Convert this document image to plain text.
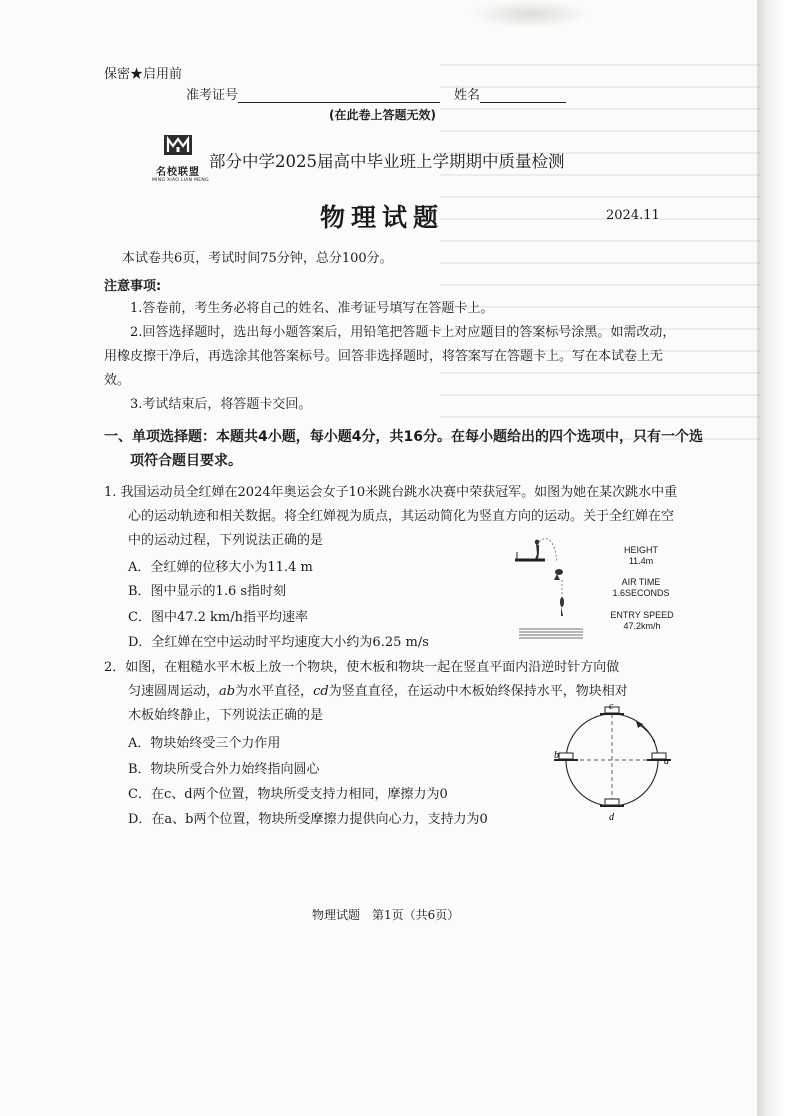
保密★启用前
准考证号	姓名
(在此卷上答题无效)
名校联盟
MING XIAO LIAN MENG
部分中学2025届高中毕业班上学期期中质量检测
物理试题	2024.11
本试卷共6页，考试时间75分钟，总分100分。
注意事项:
1.答卷前，考生务必将自己的姓名、准考证号填写在答题卡上。
2.回答选择题时，选出每小题答案后，用铅笔把答题卡上对应题目的答案标号涂黑。如需改动，用橡皮擦干净后，再选涂其他答案标号。回答非选择题时，将答案写在答题卡上。写在本试卷上无效。
3.考试结束后，将答题卡交回。
一、单项选择题：本题共4小题，每小题4分，共16分。在每小题给出的四个选项中，只有一个选项符合题目要求。
1. 我国运动员全红婵在2024年奥运会女子10米跳台跳水决赛中荣获冠军。如图为她在某次跳水中重心的运动轨迹和相关数据。将全红婵视为质点，其运动简化为竖直方向的运动。关于全红婵在空中的运动过程，下列说法正确的是
A．全红婵的位移大小为11.4 m
B．图中显示的1.6 s指时刻
C．图中47.2 km/h指平均速率
D．全红婵在空中运动时平均速度大小约为6.25 m/s
HEIGHT
11.4m
AIR TIME
1.6SECONDS
ENTRY SPEED
47.2km/h
2．如图，在粗糙水平木板上放一个物块，使木板和物块一起在竖直平面内沿逆时针方向做
匀速圆周运动，ab为水平直径，cd为竖直直径，在运动中木板始终保持水平，物块相对
木板始终静止，下列说法正确的是
A．物块始终受三个力作用
B．物块所受合外力始终指向圆心
C．在c、d两个位置，物块所受支持力相同，摩擦力为0
D．在a、b两个位置，物块所受摩擦力提供向心力，支持力为0
c
a
b
d
物理试题　第1页（共6页）
